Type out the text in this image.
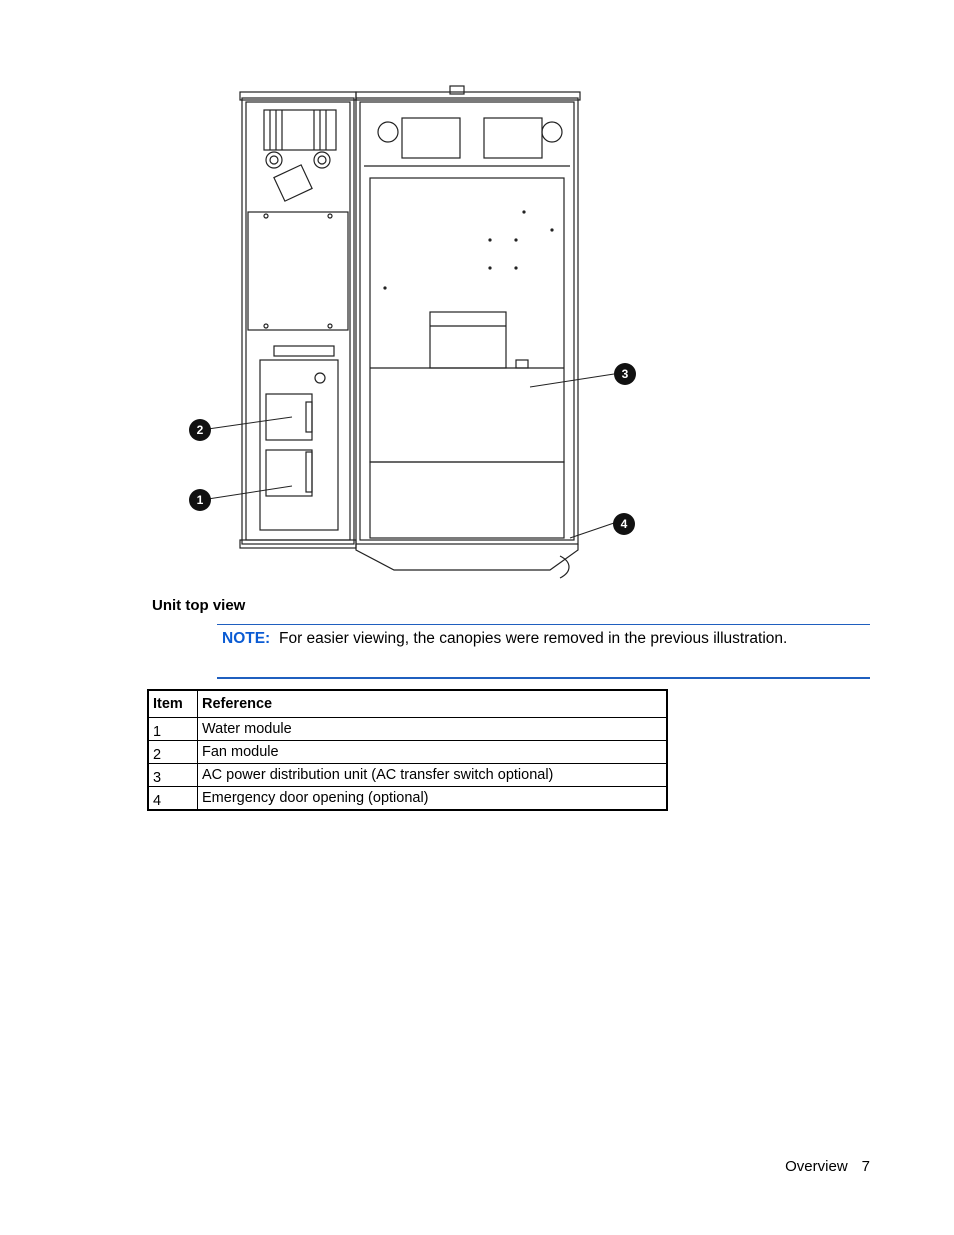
2
1
3
4
Unit top view
NOTE: For easier viewing, the canopies were removed in the previous illustration.
Item	Reference
1	Water module
2	Fan module
3	AC power distribution unit (AC transfer switch optional)
4	Emergency door opening (optional)
Overview 7
